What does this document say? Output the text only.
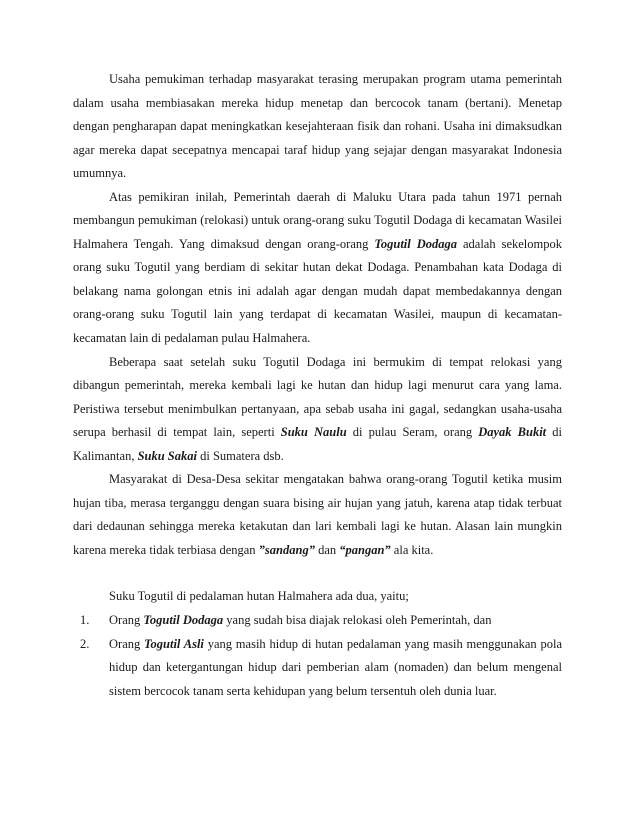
Usaha pemukiman terhadap masyarakat terasing merupakan program utama pemerintah dalam usaha membiasakan mereka hidup menetap dan bercocok tanam (bertani). Menetap dengan pengharapan dapat meningkatkan kesejahteraan fisik dan rohani. Usaha ini dimaksudkan agar mereka dapat secepatnya mencapai taraf hidup yang sejajar dengan masyarakat Indonesia umumnya.

Atas pemikiran inilah, Pemerintah daerah di Maluku Utara pada tahun 1971 pernah membangun pemukiman (relokasi) untuk orang-orang suku Togutil Dodaga di kecamatan Wasilei Halmahera Tengah. Yang dimaksud dengan orang-orang Togutil Dodaga adalah sekelompok orang suku Togutil yang berdiam di sekitar hutan dekat Dodaga. Penambahan kata Dodaga di belakang nama golongan etnis ini adalah agar dengan mudah dapat membedakannya dengan orang-orang suku Togutil lain yang terdapat di kecamatan Wasilei, maupun di kecamatan-kecamatan lain di pedalaman pulau Halmahera.

Beberapa saat setelah suku Togutil Dodaga ini bermukim di tempat relokasi yang dibangun pemerintah, mereka kembali lagi ke hutan dan hidup lagi menurut cara yang lama. Peristiwa tersebut menimbulkan pertanyaan, apa sebab usaha ini gagal, sedangkan usaha-usaha serupa berhasil di tempat lain, seperti Suku Naulu di pulau Seram, orang Dayak Bukit di Kalimantan, Suku Sakai di Sumatera dsb.

Masyarakat di Desa-Desa sekitar mengatakan bahwa orang-orang Togutil ketika musim hujan tiba, merasa terganggu dengan suara bising air hujan yang jatuh, karena atap tidak terbuat dari dedaunan sehingga mereka ketakutan dan lari kembali lagi ke hutan. Alasan lain mungkin karena mereka tidak terbiasa dengan ”sandang” dan “pangan” ala kita.

Suku Togutil di pedalaman hutan Halmahera ada dua, yaitu;

1. Orang Togutil Dodaga yang sudah bisa diajak relokasi oleh Pemerintah, dan
2. Orang Togutil Asli yang masih hidup di hutan pedalaman yang masih menggunakan pola hidup dan ketergantungan hidup dari pemberian alam (nomaden) dan belum mengenal sistem bercocok tanam serta kehidupan yang belum tersentuh oleh dunia luar.
